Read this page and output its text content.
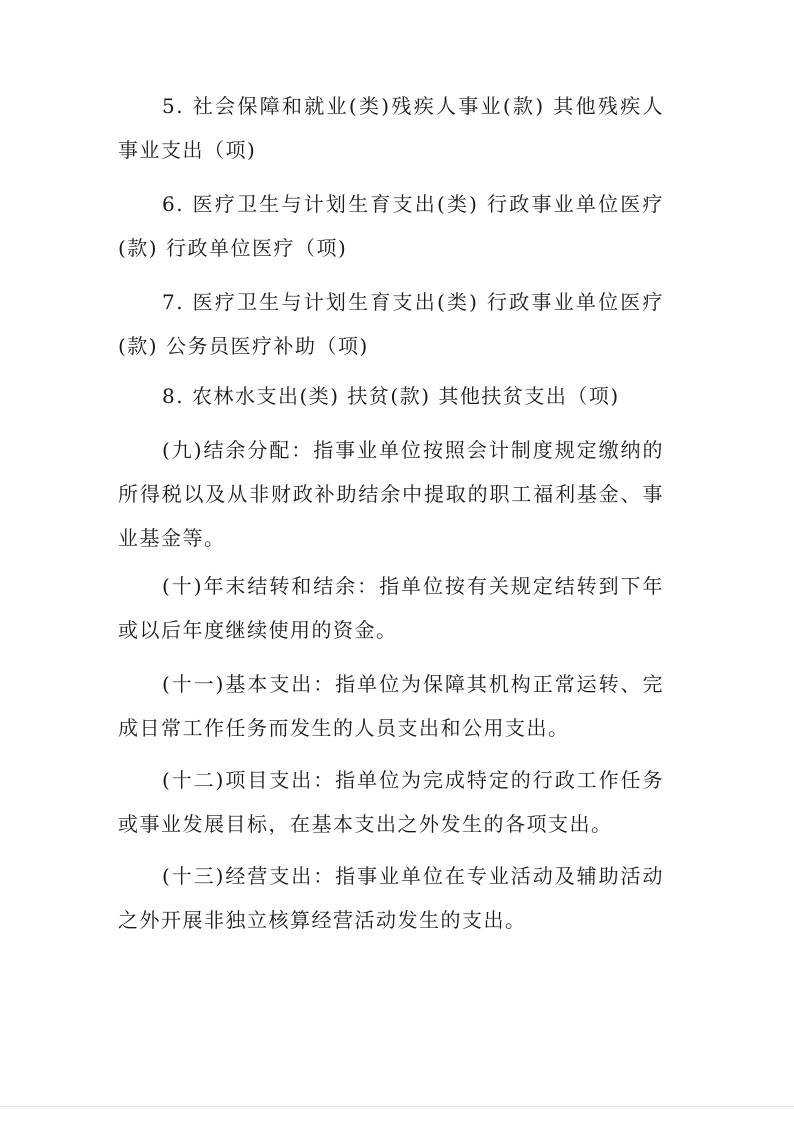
5. 社会保障和就业(类)残疾人事业(款) 其他残疾人事业支出（项)

6. 医疗卫生与计划生育支出(类) 行政事业单位医疗(款) 行政单位医疗（项)

7. 医疗卫生与计划生育支出(类) 行政事业单位医疗(款) 公务员医疗补助（项)

8. 农林水支出(类) 扶贫(款) 其他扶贫支出（项)

(九)结余分配：指事业单位按照会计制度规定缴纳的所得税以及从非财政补助结余中提取的职工福利基金、事业基金等。

(十)年末结转和结余：指单位按有关规定结转到下年或以后年度继续使用的资金。

(十一)基本支出：指单位为保障其机构正常运转、完成日常工作任务而发生的人员支出和公用支出。

(十二)项目支出：指单位为完成特定的行政工作任务或事业发展目标，在基本支出之外发生的各项支出。

(十三)经营支出：指事业单位在专业活动及辅助活动之外开展非独立核算经营活动发生的支出。
